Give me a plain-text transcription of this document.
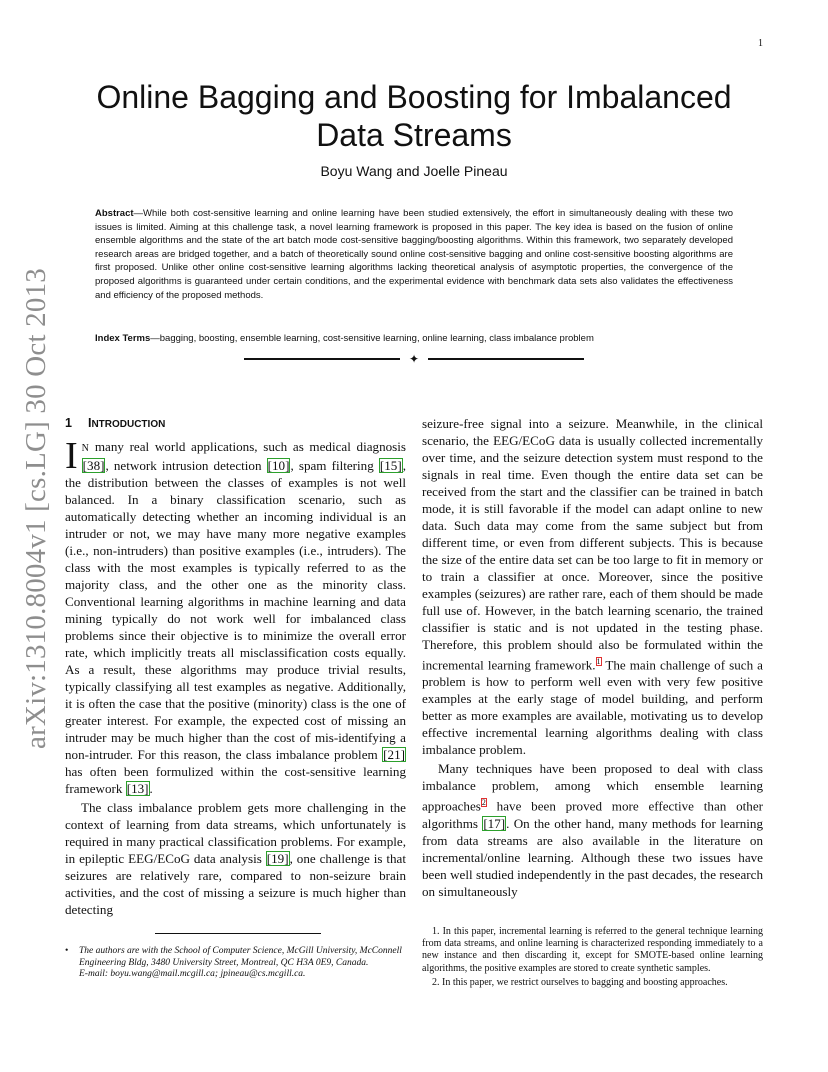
1
arXiv:1310.8004v1 [cs.LG] 30 Oct 2013
Online Bagging and Boosting for Imbalanced Data Streams
Boyu Wang and Joelle Pineau
Abstract—While both cost-sensitive learning and online learning have been studied extensively, the effort in simultaneously dealing with these two issues is limited. Aiming at this challenge task, a novel learning framework is proposed in this paper. The key idea is based on the fusion of online ensemble algorithms and the state of the art batch mode cost-sensitive bagging/boosting algorithms. Within this framework, two separately developed research areas are bridged together, and a batch of theoretically sound online cost-sensitive bagging and online cost-sensitive boosting algorithms are first proposed. Unlike other online cost-sensitive learning algorithms lacking theoretical analysis of asymptotic properties, the convergence of the proposed algorithms is guaranteed under certain conditions, and the experimental evidence with benchmark data sets also validates the effectiveness and efficiency of the proposed methods.
Index Terms—bagging, boosting, ensemble learning, cost-sensitive learning, online learning, class imbalance problem
✦
1 INTRODUCTION

I N many real world applications, such as medical diagnosis [38], network intrusion detection [10], spam filtering [15], the distribution between the classes of examples is not well balanced. In a binary classification scenario, such as automatically detecting whether an incoming individual is an intruder or not, we may have many more negative examples (i.e., non-intruders) than positive examples (i.e., intruders). The class with the most examples is typically referred to as the majority class, and the other one as the minority class. Conventional learning algorithms in machine learning and data mining typically do not work well for imbalanced class problems since their objective is to minimize the overall error rate, which implicitly treats all misclassification costs equally. As a result, these algorithms may produce trivial results, typically classifying all test examples as negative. Additionally, it is often the case that the positive (minority) class is the one of greater interest. For example, the expected cost of missing an intruder may be much higher than the cost of mis-identifying a non-intruder. For this reason, the class imbalance problem [21] has often been formulized within the cost-sensitive learning framework [13].

The class imbalance problem gets more challenging in the context of learning from data streams, which unfortunately is required in many practical classification problems. For example, in epileptic EEG/ECoG data analysis [19], one challenge is that seizures are relatively rare, compared to non-seizure brain activities, and the cost of missing a seizure is much higher than detecting

seizure-free signal into a seizure. Meanwhile, in the clinical scenario, the EEG/ECoG data is usually collected incrementally over time, and the seizure detection system must respond to the signals in real time. Even though the entire data set can be received from the start and the classifier can be trained in batch mode, it is still favorable if the model can adapt online to new data. Such data may come from the same subject but from different time, or even from different subjects. This is because the size of the entire data set can be too large to fit in memory or to train a classifier at once. Moreover, since the positive examples (seizures) are rather rare, each of them should be made full use of. However, in the batch learning scenario, the trained classifier is static and is not updated in the testing phase. Therefore, this problem should also be formulated within the incremental learning framework.$^1$ The main challenge of such a problem is how to perform well even with very few positive examples at the early stage of model building, and perform better as more examples are available, motivating us to develop effective incremental learning algorithms dealing with class imbalance problem.

Many techniques have been proposed to deal with class imbalance problem, among which ensemble learning approaches$^2$ have been proved more effective than other algorithms [17]. On the other hand, many methods for learning from data streams are also available in the literature on incremental/online learning. Although these two issues have been well studied independently in the past decades, the research on simultaneously

•	The authors are with the School of Computer Science, McGill University, McConnell Engineering Bldg, 3480 University Street, Montreal, QC H3A 0E9, Canada.
E-mail: boyu.wang@mail.mcgill.ca; jpineau@cs.mcgill.ca.

1. In this paper, incremental learning is referred to the general technique learning from data streams, and online learning is characterized responding immediately to a new instance and then discarding it, except for SMOTE-based online learning algorithms, the positive examples are stored to create synthetic samples.

2. In this paper, we restrict ourselves to bagging and boosting approaches.
